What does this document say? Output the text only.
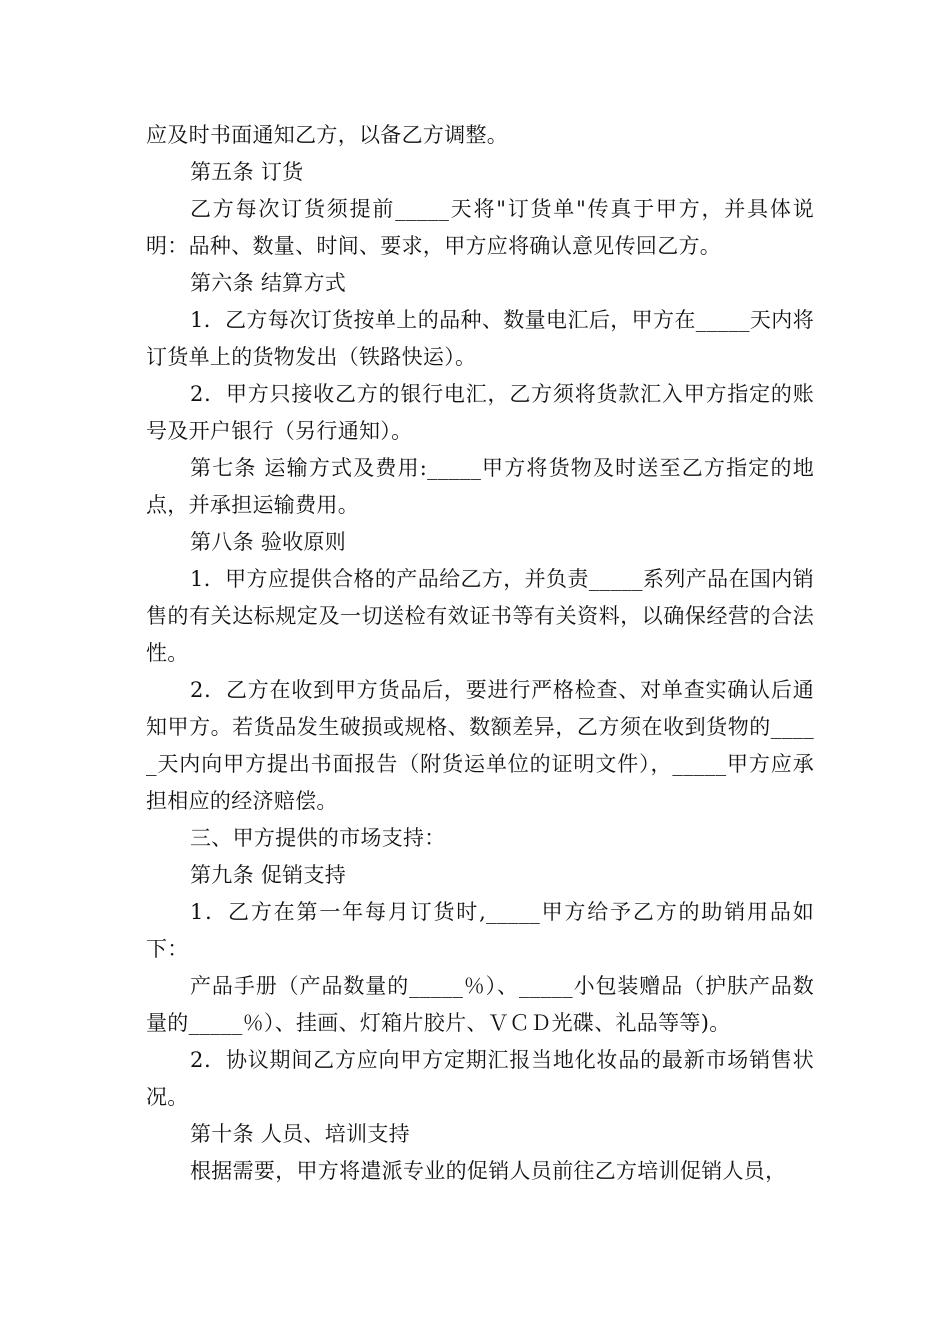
应及时书面通知乙方，以备乙方调整。

第五条 订货

乙方每次订货须提前_____天将"订货单"传真于甲方，并具体说明：品种、数量、时间、要求，甲方应将确认意见传回乙方。

第六条 结算方式

1．乙方每次订货按单上的品种、数量电汇后，甲方在_____天内将订货单上的货物发出（铁路快运）。

2．甲方只接收乙方的银行电汇，乙方须将货款汇入甲方指定的账号及开户银行（另行通知）。

第七条 运输方式及费用:_____甲方将货物及时送至乙方指定的地点，并承担运输费用。

第八条 验收原则

1．甲方应提供合格的产品给乙方，并负责_____系列产品在国内销售的有关达标规定及一切送检有效证书等有关资料，以确保经营的合法性。

2．乙方在收到甲方货品后，要进行严格检查、对单查实确认后通知甲方。若货品发生破损或规格、数额差异，乙方须在收到货物的_____天内向甲方提出书面报告（附货运单位的证明文件），_____甲方应承担相应的经济赔偿。

三、甲方提供的市场支持：

第九条 促销支持

1．乙方在第一年每月订货时,_____甲方给予乙方的助销用品如下：

产品手册（产品数量的_____％）、_____小包装赠品（护肤产品数量的_____％）、挂画、灯箱片胶片、ＶＣＤ光碟、礼品等等)。

2．协议期间乙方应向甲方定期汇报当地化妆品的最新市场销售状况。

第十条 人员、培训支持

根据需要，甲方将遣派专业的促销人员前往乙方培训促销人员，
